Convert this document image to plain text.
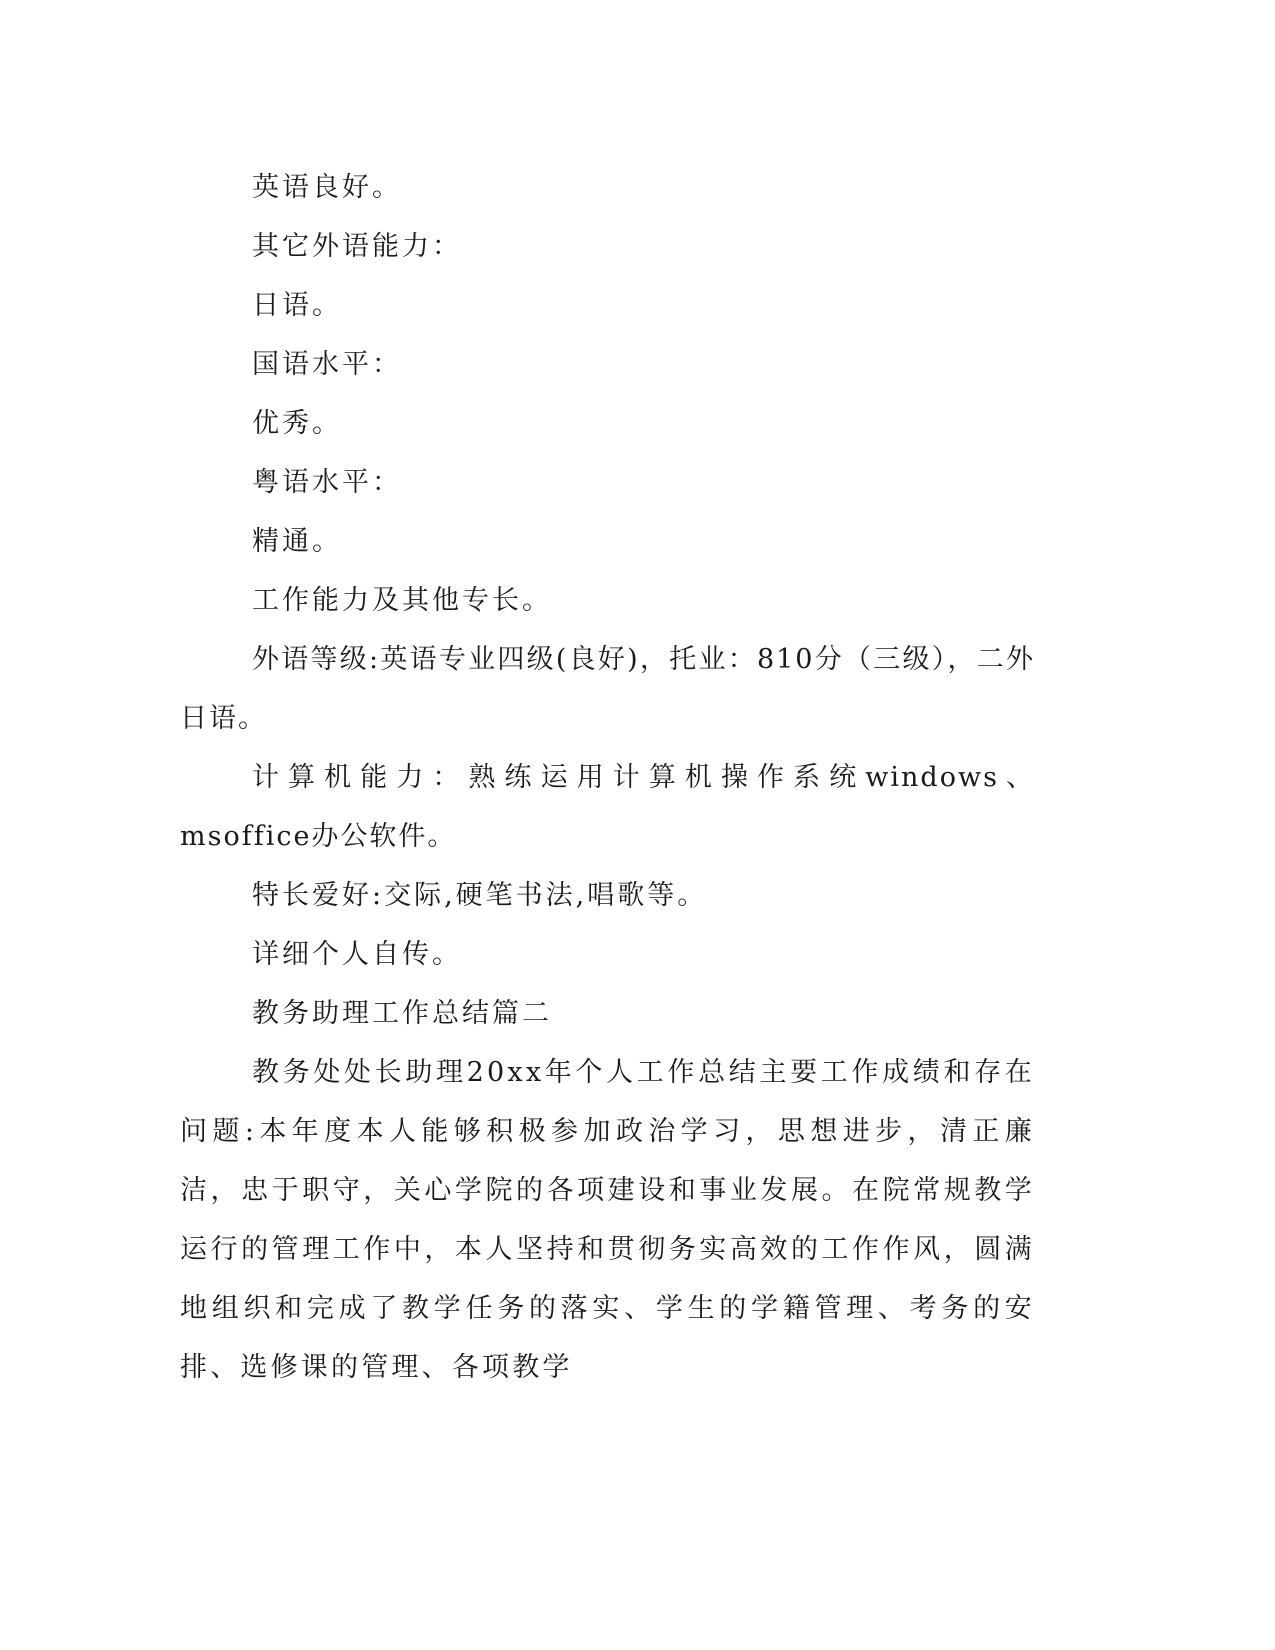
英语良好。

其它外语能力：

日语。

国语水平：

优秀。

粤语水平：

精通。

工作能力及其他专长。

外语等级:英语专业四级(良好)，托业：810分（三级），二外日语。

计算机能力：熟练运用计算机操作系统windows、msoffice办公软件。

特长爱好:交际,硬笔书法,唱歌等。

详细个人自传。

教务助理工作总结篇二

教务处处长助理20xx年个人工作总结主要工作成绩和存在问题:本年度本人能够积极参加政治学习，思想进步，清正廉洁，忠于职守，关心学院的各项建设和事业发展。在院常规教学运行的管理工作中，本人坚持和贯彻务实高效的工作作风，圆满地组织和完成了教学任务的落实、学生的学籍管理、考务的安排、选修课的管理、各项教学
